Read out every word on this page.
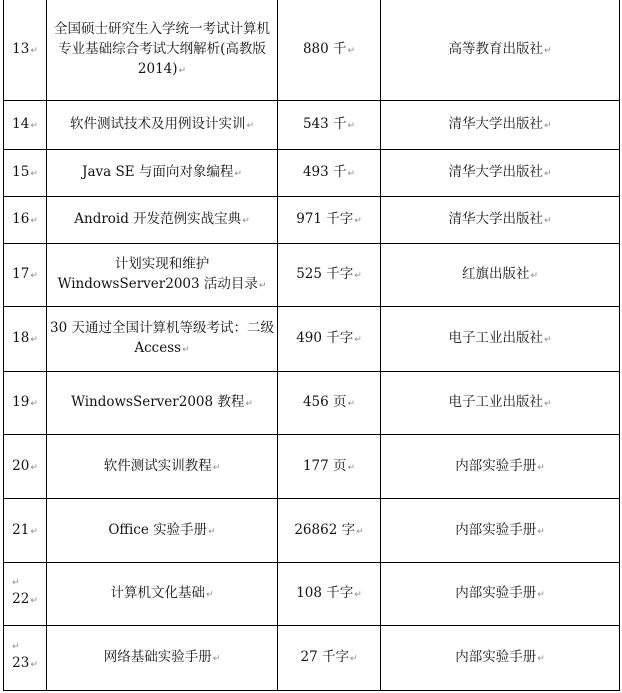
13↵	全国硕士研究生入学统一考试计算机专业基础综合考试大纲解析(高教版 2014)↵	880 千↵	高等教育出版社↵
14↵	软件测试技术及用例设计实训↵	543 千↵	清华大学出版社↵
15↵	Java SE 与面向对象编程↵	493 千↵	清华大学出版社↵
16↵	Android 开发范例实战宝典↵	971 千字↵	清华大学出版社↵
17↵	计划实现和维护 WindowsServer2003 活动目录↵	525 千字↵	红旗出版社↵
18↵	30 天通过全国计算机等级考试：二级 Access↵	490 千字↵	电子工业出版社↵
19↵	WindowsServer2008 教程↵	456 页↵	电子工业出版社↵
20↵	软件测试实训教程↵	177 页↵	内部实验手册↵
21↵	Office 实验手册↵	26862 字↵	内部实验手册↵

↵
22↵	计算机文化基础↵	108 千字↵	内部实验手册↵

↵
23↵	网络基础实验手册↵	27 千字↵	内部实验手册↵
